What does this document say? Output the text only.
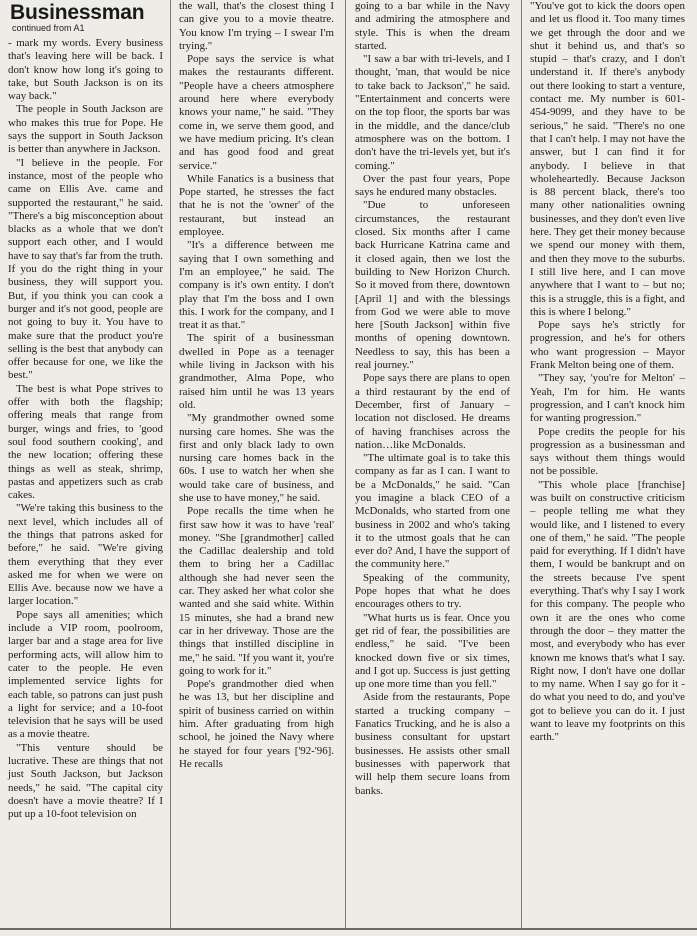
Businessman
continued from A1

- mark my words. Every business that's leaving here will be back. I don't know how long it's going to take, but South Jackson is on its way back."

The people in South Jackson are who makes this true for Pope. He says the support in South Jackson is better than anywhere in Jackson.

"I believe in the people. For instance, most of the people who came on Ellis Ave. came and supported the restaurant," he said. "There's a big misconception about blacks as a whole that we don't support each other, and I would have to say that's far from the truth. If you do the right thing in your business, they will support you. But, if you think you can cook a burger and it's not good, people are not going to buy it. You have to make sure that the product you're selling is the best that anybody can offer because for one, we like the best."

The best is what Pope strives to offer with both the flagship; offering meals that range from burger, wings and fries, to 'good soul food southern cooking', and the new location; offering these things as well as steak, shrimp, pastas and appetizers such as crab cakes.

"We're taking this business to the next level, which includes all of the things that patrons asked for before," he said. "We're giving them everything that they ever asked me for when we were on Ellis Ave. because now we have a larger location."

Pope says all amenities; which include a VIP room, poolroom, larger bar and a stage area for live performing acts, will allow him to cater to the people. He even implemented service lights for each table, so patrons can just push a light for service; and a 10-foot television that he says will be used as a movie theatre.

"This venture should be lucrative. These are things that not just South Jackson, but Jackson needs," he said. "The capital city doesn't have a movie theatre? If I put up a 10-foot television on

the wall, that's the closest thing I can give you to a movie theatre. You know I'm trying – I swear I'm trying."

Pope says the service is what makes the restaurants different. "People have a cheers atmosphere around here where everybody knows your name," he said. "They come in, we serve them good, and we have medium pricing. It's clean and has good food and great service."

While Fanatics is a business that Pope started, he stresses the fact that he is not the 'owner' of the restaurant, but instead an employee.

"It's a difference between me saying that I own something and I'm an employee," he said. The company is it's own entity. I don't play that I'm the boss and I own this. I work for the company, and I treat it as that."

The spirit of a businessman dwelled in Pope as a teenager while living in Jackson with his grandmother, Alma Pope, who raised him until he was 13 years old.

"My grandmother owned some nursing care homes. She was the first and only black lady to own nursing care homes back in the 60s. I use to watch her when she would take care of business, and she use to have money," he said.

Pope recalls the time when he first saw how it was to have 'real' money. "She [grandmother] called the Cadillac dealership and told them to bring her a Cadillac although she had never seen the car. They asked her what color she wanted and she said white. Within 15 minutes, she had a brand new car in her driveway. Those are the things that instilled discipline in me," he said. "If you want it, you're going to work for it."

Pope's grandmother died when he was 13, but her discipline and spirit of business carried on within him. After graduating from high school, he joined the Navy where he stayed for four years ['92-'96]. He recalls

going to a bar while in the Navy and admiring the atmosphere and style. This is when the dream started.

"I saw a bar with tri-levels, and I thought, 'man, that would be nice to take back to Jackson'," he said. "Entertainment and concerts were on the top floor, the sports bar was in the middle, and the dance/club atmosphere was on the bottom. I don't have the tri-levels yet, but it's coming."

Over the past four years, Pope says he endured many obstacles.

"Due to unforeseen circumstances, the restaurant closed. Six months after I came back Hurricane Katrina came and it closed again, then we lost the building to New Horizon Church. So it moved from there, downtown [April 1] and with the blessings from God we were able to move here [South Jackson] within five months of opening downtown. Needless to say, this has been a real journey."

Pope says there are plans to open a third restaurant by the end of December, first of January – location not disclosed. He dreams of having franchises across the nation…like McDonalds.

"The ultimate goal is to take this company as far as I can. I want to be a McDonalds," he said. "Can you imagine a black CEO of a McDonalds, who started from one business in 2002 and who's taking it to the utmost goals that he can ever do? And, I have the support of the community here."

Speaking of the community, Pope hopes that what he does encourages others to try.

"What hurts us is fear. Once you get rid of fear, the possibilities are endless," he said. "I've been knocked down five or six times, and I got up. Success is just getting up one more time than you fell."

Aside from the restaurants, Pope started a trucking company – Fanatics Trucking, and he is also a business consultant for upstart businesses. He assists other small businesses with paperwork that will help them secure loans from banks.

"You've got to kick the doors open and let us flood it. Too many times we get through the door and we shut it behind us, and that's so stupid – that's crazy, and I don't understand it. If there's anybody out there looking to start a venture, contact me. My number is 601-454-9099, and they have to be serious," he said. "There's no one that I can't help. I may not have the answer, but I can find it for anybody. I believe in that wholeheartedly. Because Jackson is 88 percent black, there's too many other nationalities owning businesses, and they don't even live here. They get their money because we spend our money with them, and then they move to the suburbs. I still live here, and I can move anywhere that I want to – but no; this is a struggle, this is a fight, and this is where I belong."

Pope says he's strictly for progression, and he's for others who want progression – Mayor Frank Melton being one of them.

"They say, 'you're for Melton' – Yeah, I'm for him. He wants progression, and I can't knock him for wanting progression."

Pope credits the people for his progression as a businessman and says without them things would not be possible.

"This whole place [franchise] was built on constructive criticism – people telling me what they would like, and I listened to every one of them," he said. "The people paid for everything. If I didn't have them, I would be bankrupt and on the streets because I've spent everything. That's why I say I work for this company. The people who own it are the ones who come through the door – they matter the most, and everybody who has ever known me knows that's what I say. Right now, I don't have one dollar to my name. When I say go for it - do what you need to do, and you've got to believe you can do it. I just want to leave my footprints on this earth."
